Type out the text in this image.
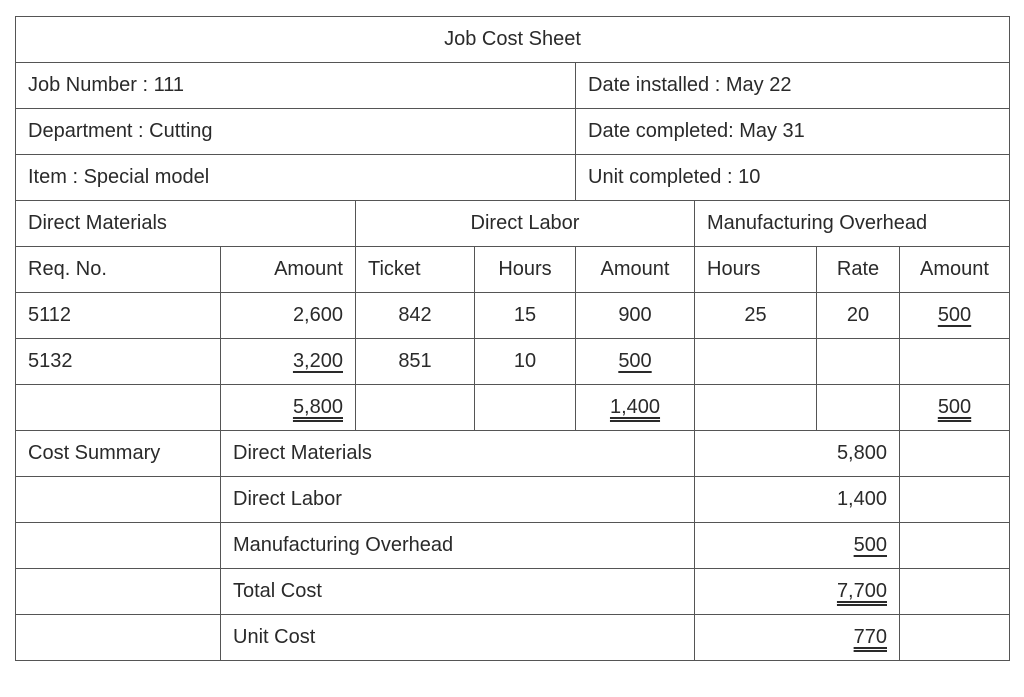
Job Cost Sheet							
Job Number : 111				Date installed : May 22			
Department : Cutting				Date completed: May 31			
Item : Special model				Unit completed : 10			
Direct Materials		Direct Labor			Manufacturing Overhead		
Req. No.	Amount	Ticket	Hours	Amount	Hours	Rate	Amount
5112	2,600	842	15	900	25	20	500
5132	3,200	851	10	500			
	5,800			1,400			500
Cost Summary	Direct Materials				5,800		
	Direct Labor				1,400		
	Manufacturing Overhead				500		
	Total Cost				7,700		
	Unit Cost				770		
